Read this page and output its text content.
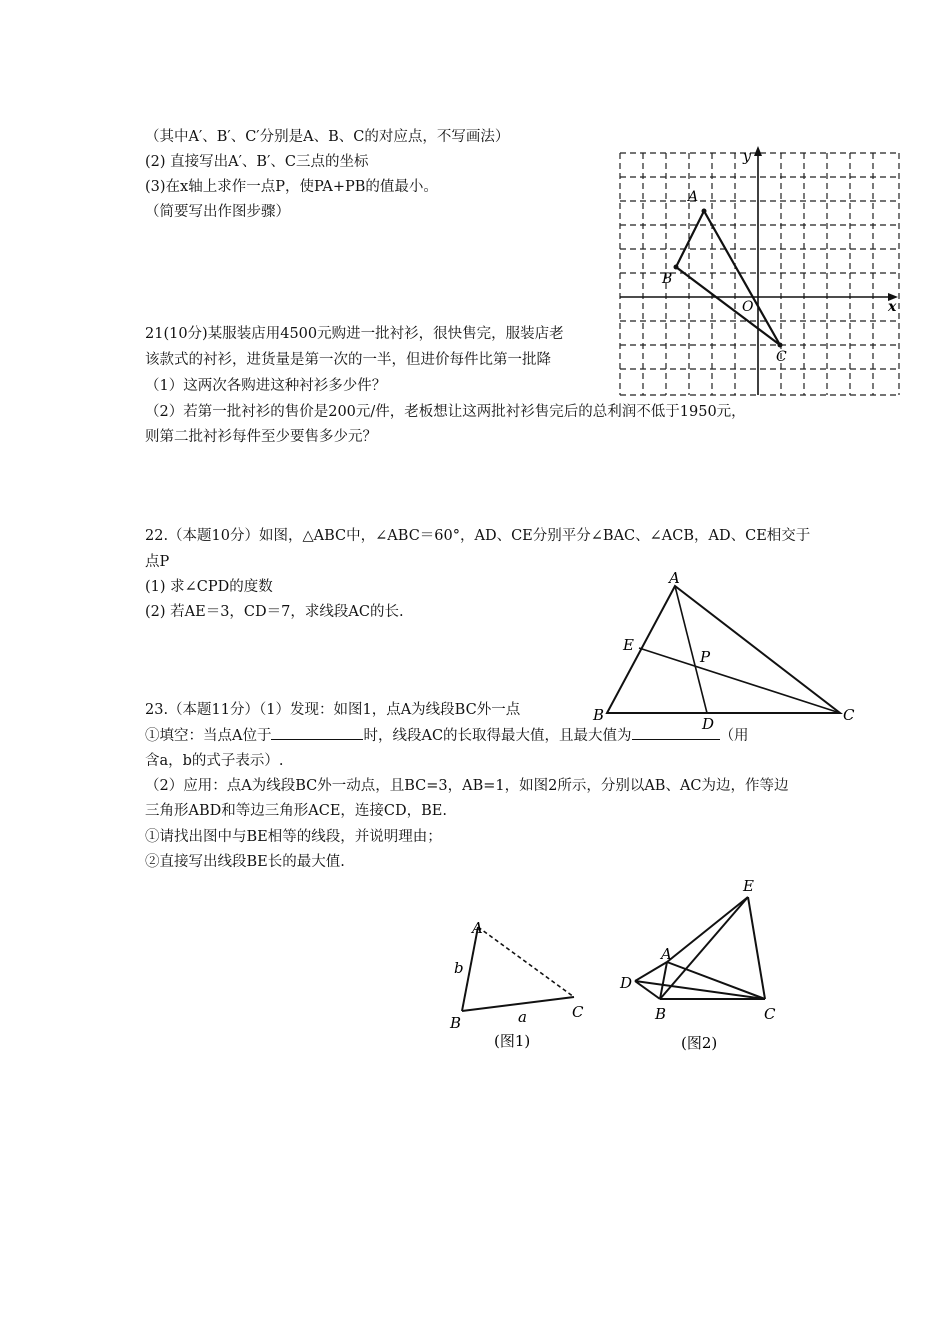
（其中A′、B′、C′分别是A、B、C的对应点，不写画法）
(2) 直接写出A′、B′、C三点的坐标
(3)在x轴上求作一点P，使PA+PB的值最小。
（简要写出作图步骤）
21(10分)某服装店用4500元购进一批衬衫，很快售完，服装店老
该款式的衬衫，进货量是第一次的一半，但进价每件比第一批降
（1）这两次各购进这种衬衫多少件？
（2）若第一批衬衫的售价是200元/件，老板想让这两批衬衫售完后的总利润不低于1950元，
则第二批衬衫每件至少要售多少元？
22.（本题10分）如图，△ABC中，∠ABC＝60°，AD、CE分别平分∠BAC、∠ACB，AD、CE相交于
点P
(1) 求∠CPD的度数
(2) 若AE＝3，CD＝7，求线段AC的长.
23.（本题11分）（1）发现：如图1，点A为线段BC外一点
①填空：当点A位于	时，线段AC的长取得最大值，且最大值为	（用
含a，b的式子表示）.
（2）应用：点A为线段BC外一动点，且BC=3，AB=1，如图2所示，分别以AB、AC为边，作等边
三角形ABD和等边三角形ACE，连接CD，BE.
①请找出图中与BE相等的线段，并说明理由；
②直接写出线段BE长的最大值.
x
y
O
A
B
C
A
B	C
D
E
P
A
B
C
b
a
(图1)
E
A
D
B	C
(图2)
